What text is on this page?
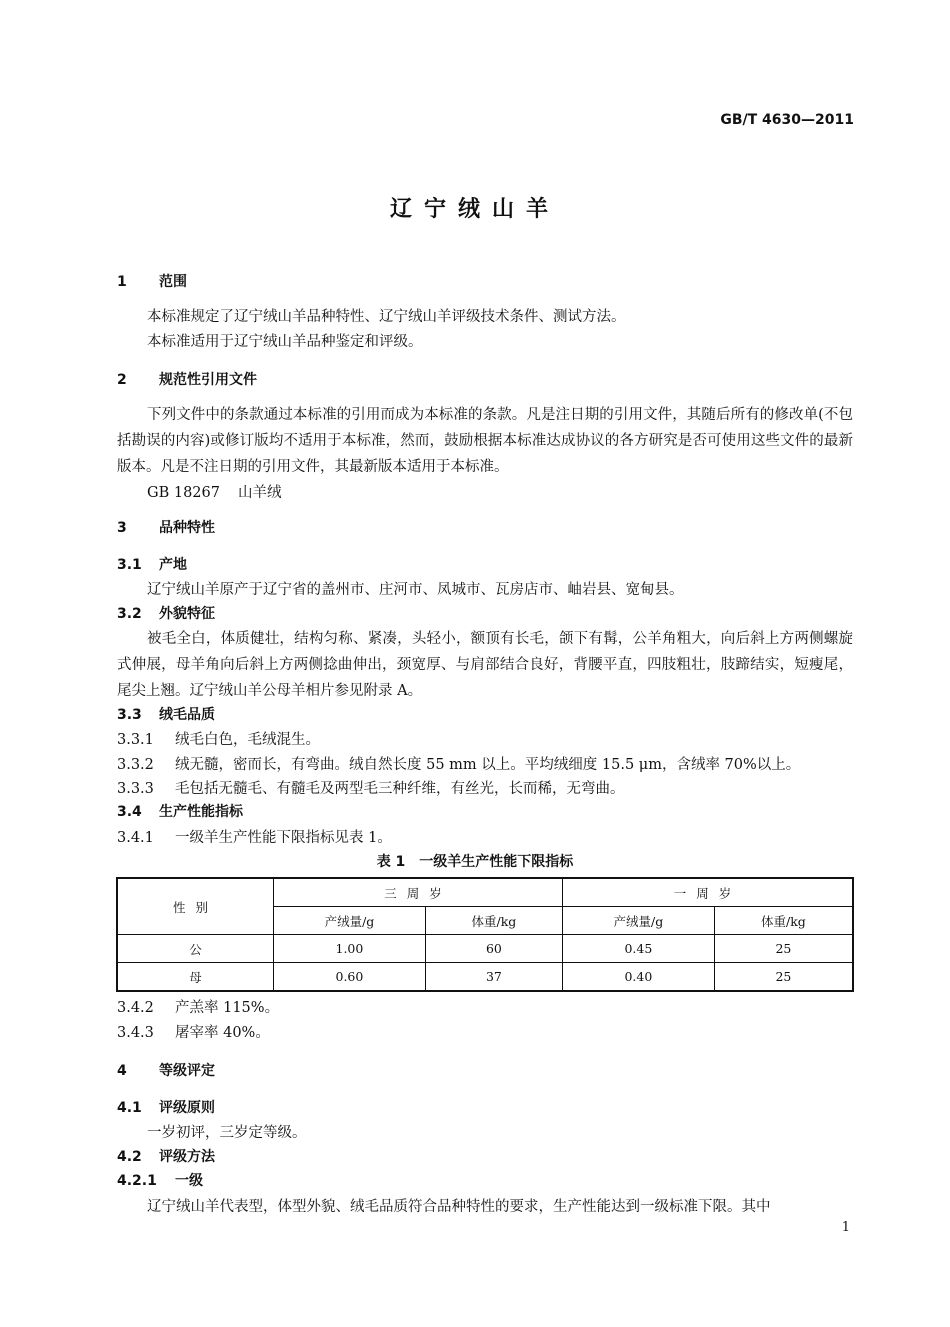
GB/T 4630—2011
辽宁绒山羊
1 范围
本标准规定了辽宁绒山羊品种特性、辽宁绒山羊评级技术条件、测试方法。
本标准适用于辽宁绒山羊品种鉴定和评级。
2 规范性引用文件
下列文件中的条款通过本标准的引用而成为本标准的条款。凡是注日期的引用文件，其随后所有的修改单(不包括勘误的内容)或修订版均不适用于本标准，然而，鼓励根据本标准达成协议的各方研究是否可使用这些文件的最新版本。凡是不注日期的引用文件，其最新版本适用于本标准。
GB 18267 山羊绒
3 品种特性
3.1 产地
辽宁绒山羊原产于辽宁省的盖州市、庄河市、凤城市、瓦房店市、岫岩县、宽甸县。
3.2 外貌特征
被毛全白，体质健壮，结构匀称、紧凑，头轻小，额顶有长毛，颌下有髯，公羊角粗大，向后斜上方两侧螺旋式伸展，母羊角向后斜上方两侧捻曲伸出，颈宽厚、与肩部结合良好，背腰平直，四肢粗壮，肢蹄结实，短瘦尾，尾尖上翘。辽宁绒山羊公母羊相片参见附录 A。
3.3 绒毛品质
3.3.1 绒毛白色，毛绒混生。
3.3.2 绒无髓，密而长，有弯曲。绒自然长度 55 mm 以上。平均绒细度 15.5 μm，含绒率 70%以上。
3.3.3 毛包括无髓毛、有髓毛及两型毛三种纤维，有丝光，长而稀，无弯曲。
3.4 生产性能指标
3.4.1 一级羊生产性能下限指标见表 1。
表 1　一级羊生产性能下限指标
性别	三周岁		一周岁	
	产绒量/g	体重/kg	产绒量/g	体重/kg
公	1.00	60	0.45	25
母	0.60	37	0.40	25
3.4.2 产羔率 115%。
3.4.3 屠宰率 40%。
4 等级评定
4.1 评级原则
一岁初评，三岁定等级。
4.2 评级方法
4.2.1 一级
辽宁绒山羊代表型，体型外貌、绒毛品质符合品种特性的要求，生产性能达到一级标准下限。其中
1
